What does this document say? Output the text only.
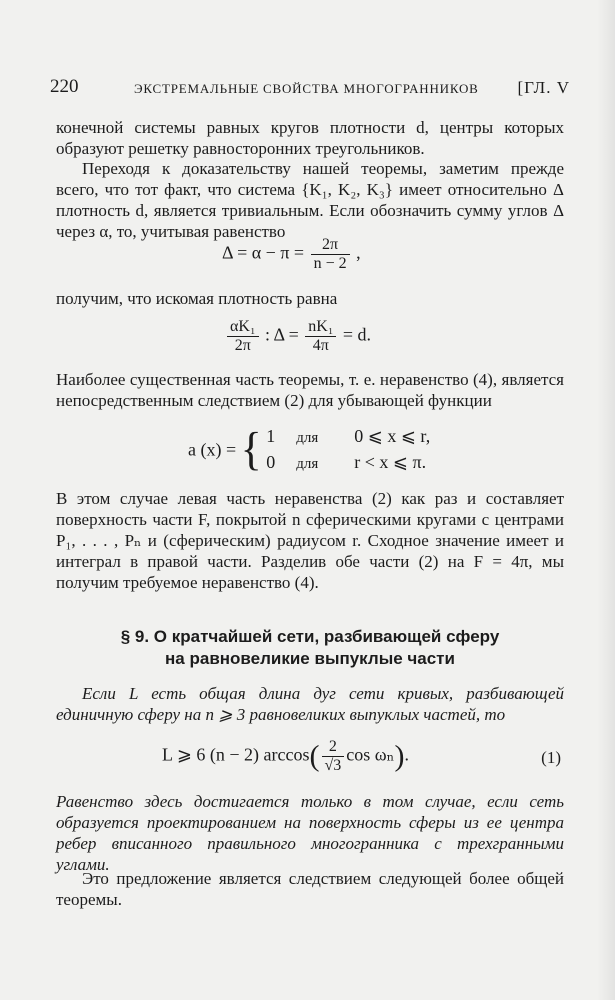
220	ЭКСТРЕМАЛЬНЫЕ СВОЙСТВА МНОГОГРАННИКОВ [ГЛ. V

конечной системы равных кругов плотности d, центры которых образуют решетку равносторонних треугольников.

Переходя к доказательству нашей теоремы, заметим прежде всего, что тот факт, что система {K₁, K₂, K₃} имеет относительно Δ плотность d, является тривиальным. Если обозначить сумму углов Δ через α, то, учитывая равенство

$\Delta = \alpha - \pi = \frac{2\pi}{n - 2}$ ,

получим, что искомая плотность равна

$\frac{\text{αK₁}}{2\pi}$ : $\Delta = \frac{\text{nK₁}}{4\pi} = d$.

Наиболее существенная часть теоремы, т. е. неравенство (4), является непосредственным следствием (2) для убывающей функции

a (x) = { 1 для 0 ⩽ x ⩽ r,
0 для r < x ⩽ π.

В этом случае левая часть неравенства (2) как раз и составляет поверхность части F, покрытой n сферическими кругами с центрами P₁, . . . , Pₙ и (сферическим) радиусом r. Сходное значение имеет и интеграл в правой части. Разделив обе части (2) на F = 4π, мы получим требуемое неравенство (4).

§ 9. О кратчайшей сети, разбивающей сферу
на равновеликие выпуклые части

Если L есть общая длина дуг сети кривых, разбивающей единичную сферу на n ⩾ 3 равновеликих выпуклых частей, то

L ⩾ 6 (n − 2) $\arccos( \frac{2}{√3}$ cos ωₙ).	(1)

Равенство здесь достигается только в том случае, если сеть образуется проектированием на поверхность сферы из ее центра ребер вписанного правильного многогранника с трехгранными углами.

Это предложение является следствием следующей более общей теоремы.
